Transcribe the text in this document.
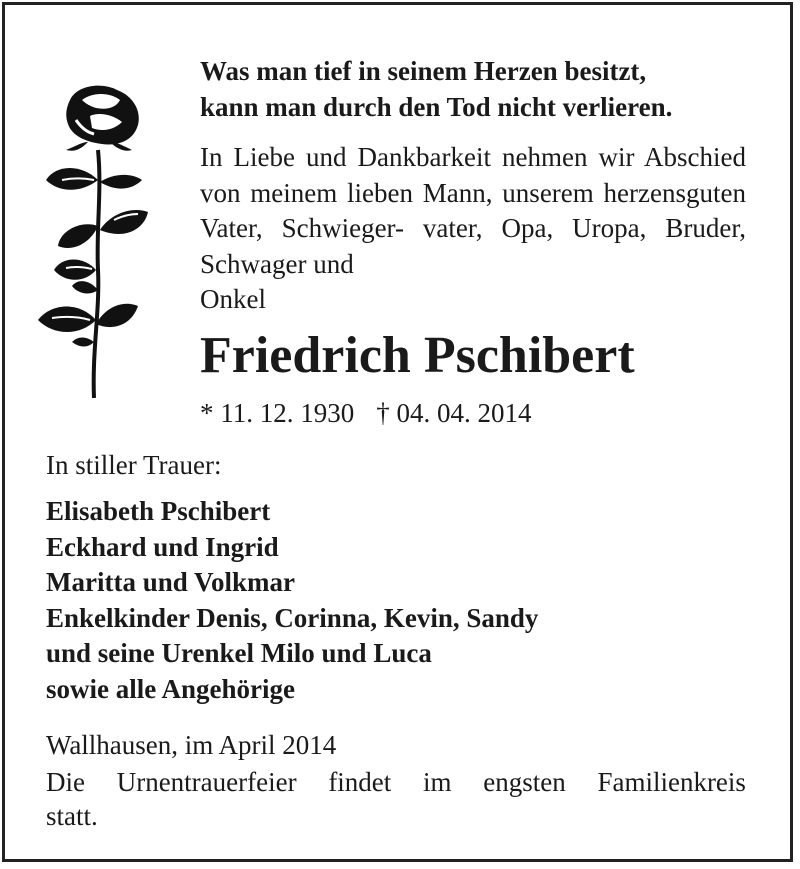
Was man tief in seinem Herzen besitzt,
kann man durch den Tod nicht verlieren.
In Liebe und Dankbarkeit nehmen wir Abschied von meinem lieben Mann, unserem herzensguten Vater, Schwieger- vater, Opa, Uropa, Bruder, Schwager und
Onkel
Friedrich Pschibert
* 11. 12. 1930 † 04. 04. 2014
In stiller Trauer:
Elisabeth Pschibert
Eckhard und Ingrid
Maritta und Volkmar
Enkelkinder Denis, Corinna, Kevin, Sandy
und seine Urenkel Milo und Luca
sowie alle Angehörige
Wallhausen, im April 2014
Die Urnentrauerfeier findet im engsten Familienkreis
statt.
